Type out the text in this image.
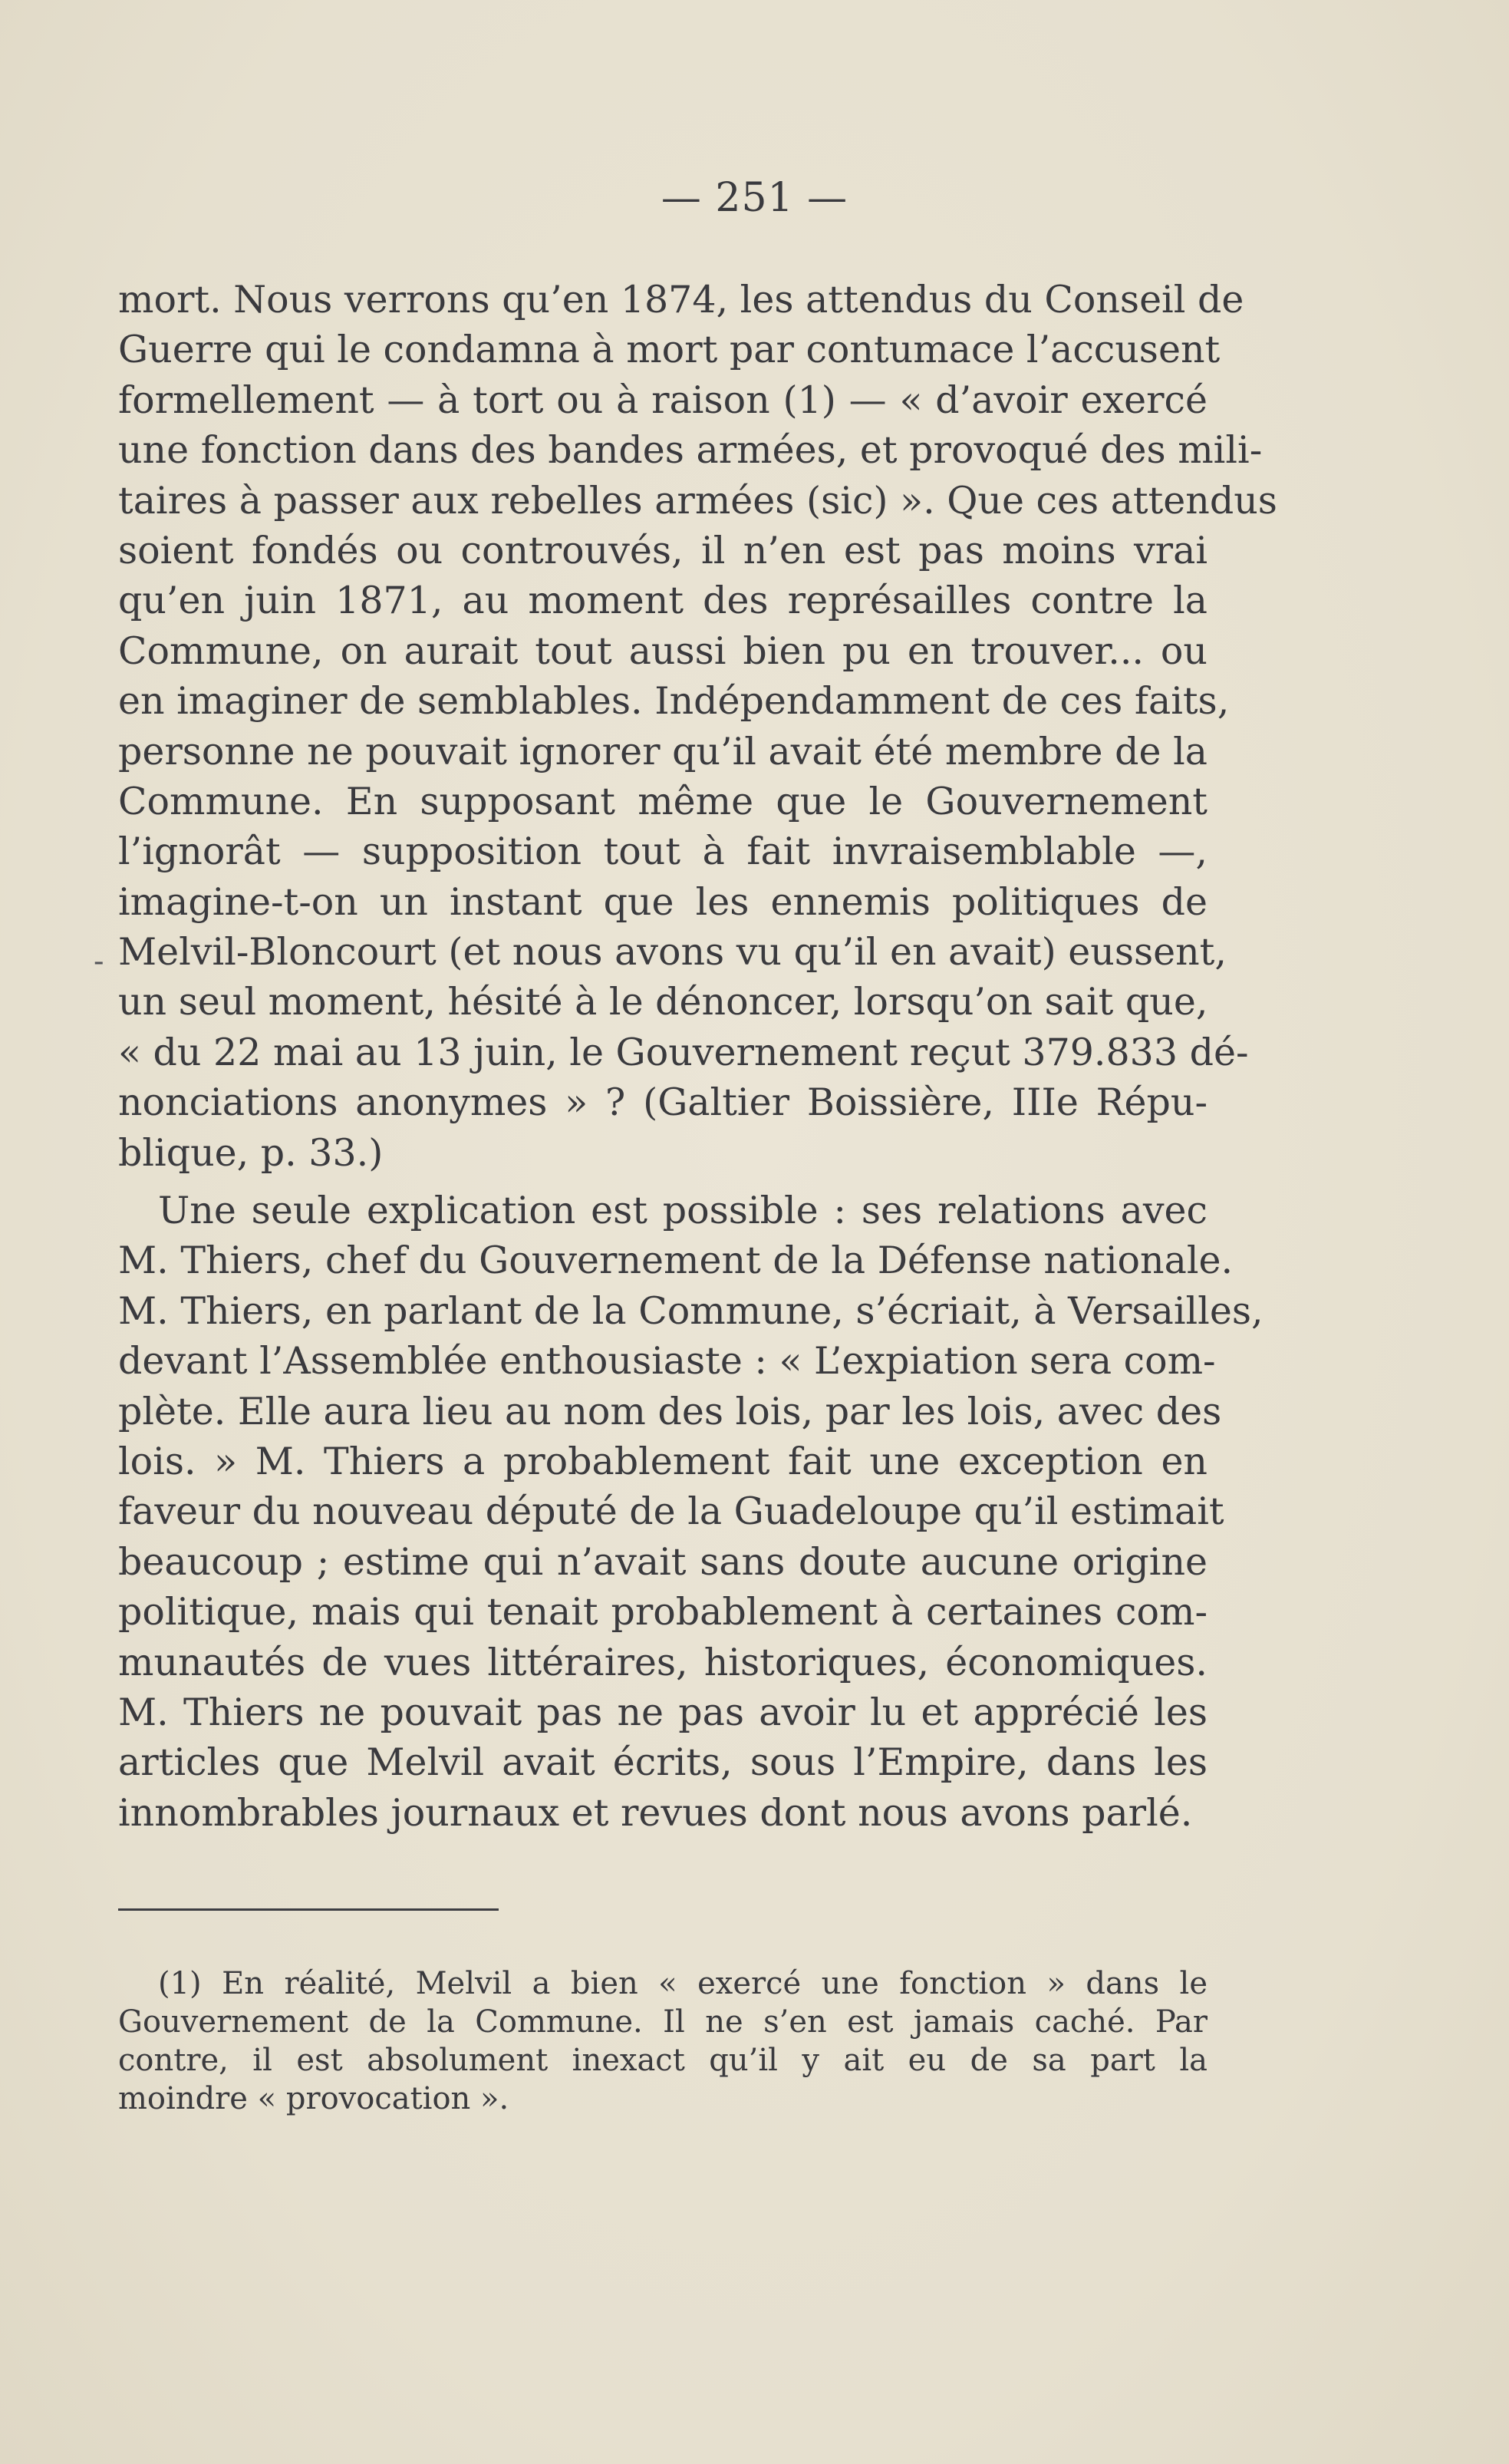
— 251 —
-
mort. Nous verrons qu’en 1874, les attendus du Conseil de
Guerre qui le condamna à mort par contumace l’accusent
formellement — à tort ou à raison (1) — « d’avoir exercé
une fonction dans des bandes armées, et provoqué des mili-
taires à passer aux rebelles armées (sic) ». Que ces attendus
soient fondés ou controuvés, il n’en est pas moins vrai
qu’en juin 1871, au moment des représailles contre la
Commune, on aurait tout aussi bien pu en trouver... ou
en imaginer de semblables. Indépendamment de ces faits,
personne ne pouvait ignorer qu’il avait été membre de la
Commune. En supposant même que le Gouvernement
l’ignorât — supposition tout à fait invraisemblable —,
imagine-t-on un instant que les ennemis politiques de
Melvil-Bloncourt (et nous avons vu qu’il en avait) eussent,
un seul moment, hésité à le dénoncer, lorsqu’on sait que,
« du 22 mai au 13 juin, le Gouvernement reçut 379.833 dé-
nonciations anonymes » ? (Galtier Boissière, IIIe Répu-
blique, p. 33.)
Une seule explication est possible : ses relations avec
M. Thiers, chef du Gouvernement de la Défense nationale.
M. Thiers, en parlant de la Commune, s’écriait, à Versailles,
devant l’Assemblée enthousiaste : « L’expiation sera com-
plète. Elle aura lieu au nom des lois, par les lois, avec des
lois. » M. Thiers a probablement fait une exception en
faveur du nouveau député de la Guadeloupe qu’il estimait
beaucoup ; estime qui n’avait sans doute aucune origine
politique, mais qui tenait probablement à certaines com-
munautés de vues littéraires, historiques, économiques.
M. Thiers ne pouvait pas ne pas avoir lu et apprécié les
articles que Melvil avait écrits, sous l’Empire, dans les
innombrables journaux et revues dont nous avons parlé.
(1) En réalité, Melvil a bien « exercé une fonction » dans le
Gouvernement de la Commune. Il ne s’en est jamais caché. Par
contre, il est absolument inexact qu’il y ait eu de sa part la
moindre « provocation ».
